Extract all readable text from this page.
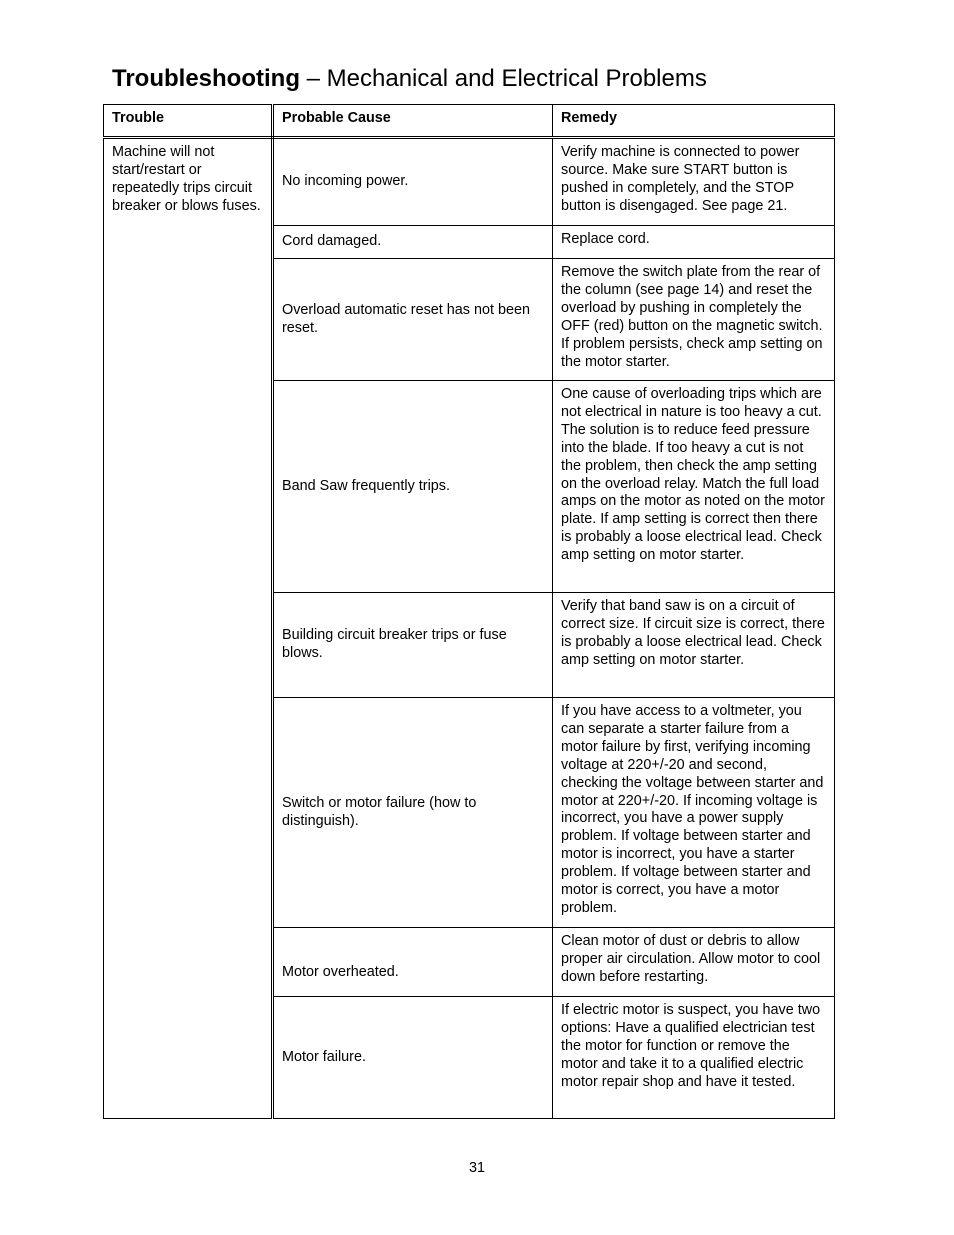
Troubleshooting – Mechanical and Electrical Problems
Trouble	Probable Cause	Remedy
Machine will not start/restart or repeatedly trips circuit breaker or blows fuses.	No incoming power.	Verify machine is connected to power source. Make sure START button is pushed in completely, and the STOP button is disengaged. See page 21.
	Cord damaged.	Replace cord.
	Overload automatic reset has not been reset.	Remove the switch plate from the rear of the column (see page 14) and reset the overload by pushing in completely the OFF (red) button on the magnetic switch. If problem persists, check amp setting on the motor starter.
	Band Saw frequently trips.	One cause of overloading trips which are not electrical in nature is too heavy a cut. The solution is to reduce feed pressure into the blade. If too heavy a cut is not the problem, then check the amp setting on the overload relay. Match the full load amps on the motor as noted on the motor plate. If amp setting is correct then there is probably a loose electrical lead. Check amp setting on motor starter.
	Building circuit breaker trips or fuse blows.	Verify that band saw is on a circuit of correct size. If circuit size is correct, there is probably a loose electrical lead. Check amp setting on motor starter.
	Switch or motor failure (how to distinguish).	If you have access to a voltmeter, you can separate a starter failure from a motor failure by first, verifying incoming voltage at 220+/-20 and second, checking the voltage between starter and motor at 220+/-20. If incoming voltage is incorrect, you have a power supply problem. If voltage between starter and motor is incorrect, you have a starter problem. If voltage between starter and motor is correct, you have a motor problem.
	Motor overheated.	Clean motor of dust or debris to allow proper air circulation. Allow motor to cool down before restarting.
	Motor failure.	If electric motor is suspect, you have two options: Have a qualified electrician test the motor for function or remove the motor and take it to a qualified electric motor repair shop and have it tested.
31
